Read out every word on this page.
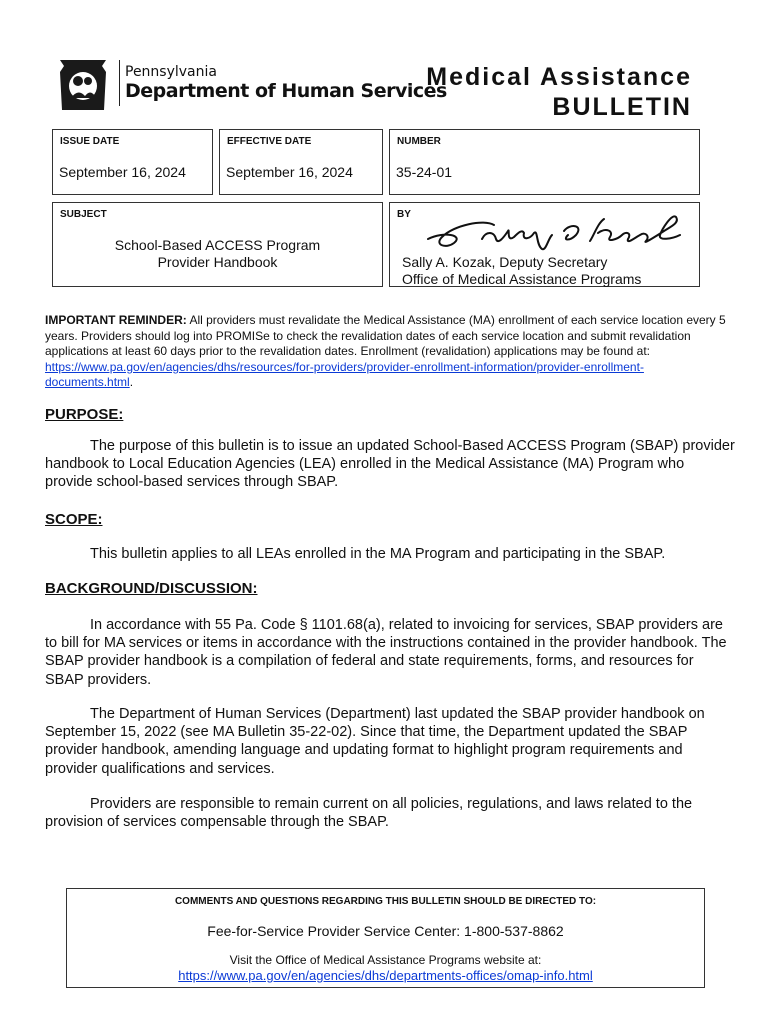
Pennsylvania
Department of Human Services
Medical Assistance
BULLETIN
ISSUE DATE
September 16, 2024
EFFECTIVE DATE
September 16, 2024
NUMBER
35-24-01
SUBJECT
School-Based ACCESS Program
Provider Handbook
BY
Sally A. Kozak, Deputy Secretary
Office of Medical Assistance Programs
IMPORTANT REMINDER: All providers must revalidate the Medical Assistance (MA) enrollment of each service location every 5 years. Providers should log into PROMISe to check the revalidation dates of each service location and submit revalidation applications at least 60 days prior to the revalidation dates. Enrollment (revalidation) applications may be found at: https://www.pa.gov/en/agencies/dhs/resources/for-providers/provider-enrollment-information/provider-enrollment-documents.html.
PURPOSE:
The purpose of this bulletin is to issue an updated School-Based ACCESS Program (SBAP) provider handbook to Local Education Agencies (LEA) enrolled in the Medical Assistance (MA) Program who provide school-based services through SBAP.
SCOPE:
This bulletin applies to all LEAs enrolled in the MA Program and participating in the SBAP.
BACKGROUND/DISCUSSION:
In accordance with 55 Pa. Code § 1101.68(a), related to invoicing for services, SBAP providers are to bill for MA services or items in accordance with the instructions contained in the provider handbook. The SBAP provider handbook is a compilation of federal and state requirements, forms, and resources for SBAP providers.
The Department of Human Services (Department) last updated the SBAP provider handbook on September 15, 2022 (see MA Bulletin 35-22-02). Since that time, the Department updated the SBAP provider handbook, amending language and updating format to highlight program requirements and provider qualifications and services.
Providers are responsible to remain current on all policies, regulations, and laws related to the provision of services compensable through the SBAP.
COMMENTS AND QUESTIONS REGARDING THIS BULLETIN SHOULD BE DIRECTED TO:
Fee-for-Service Provider Service Center: 1-800-537-8862
Visit the Office of Medical Assistance Programs website at:
https://www.pa.gov/en/agencies/dhs/departments-offices/omap-info.html
